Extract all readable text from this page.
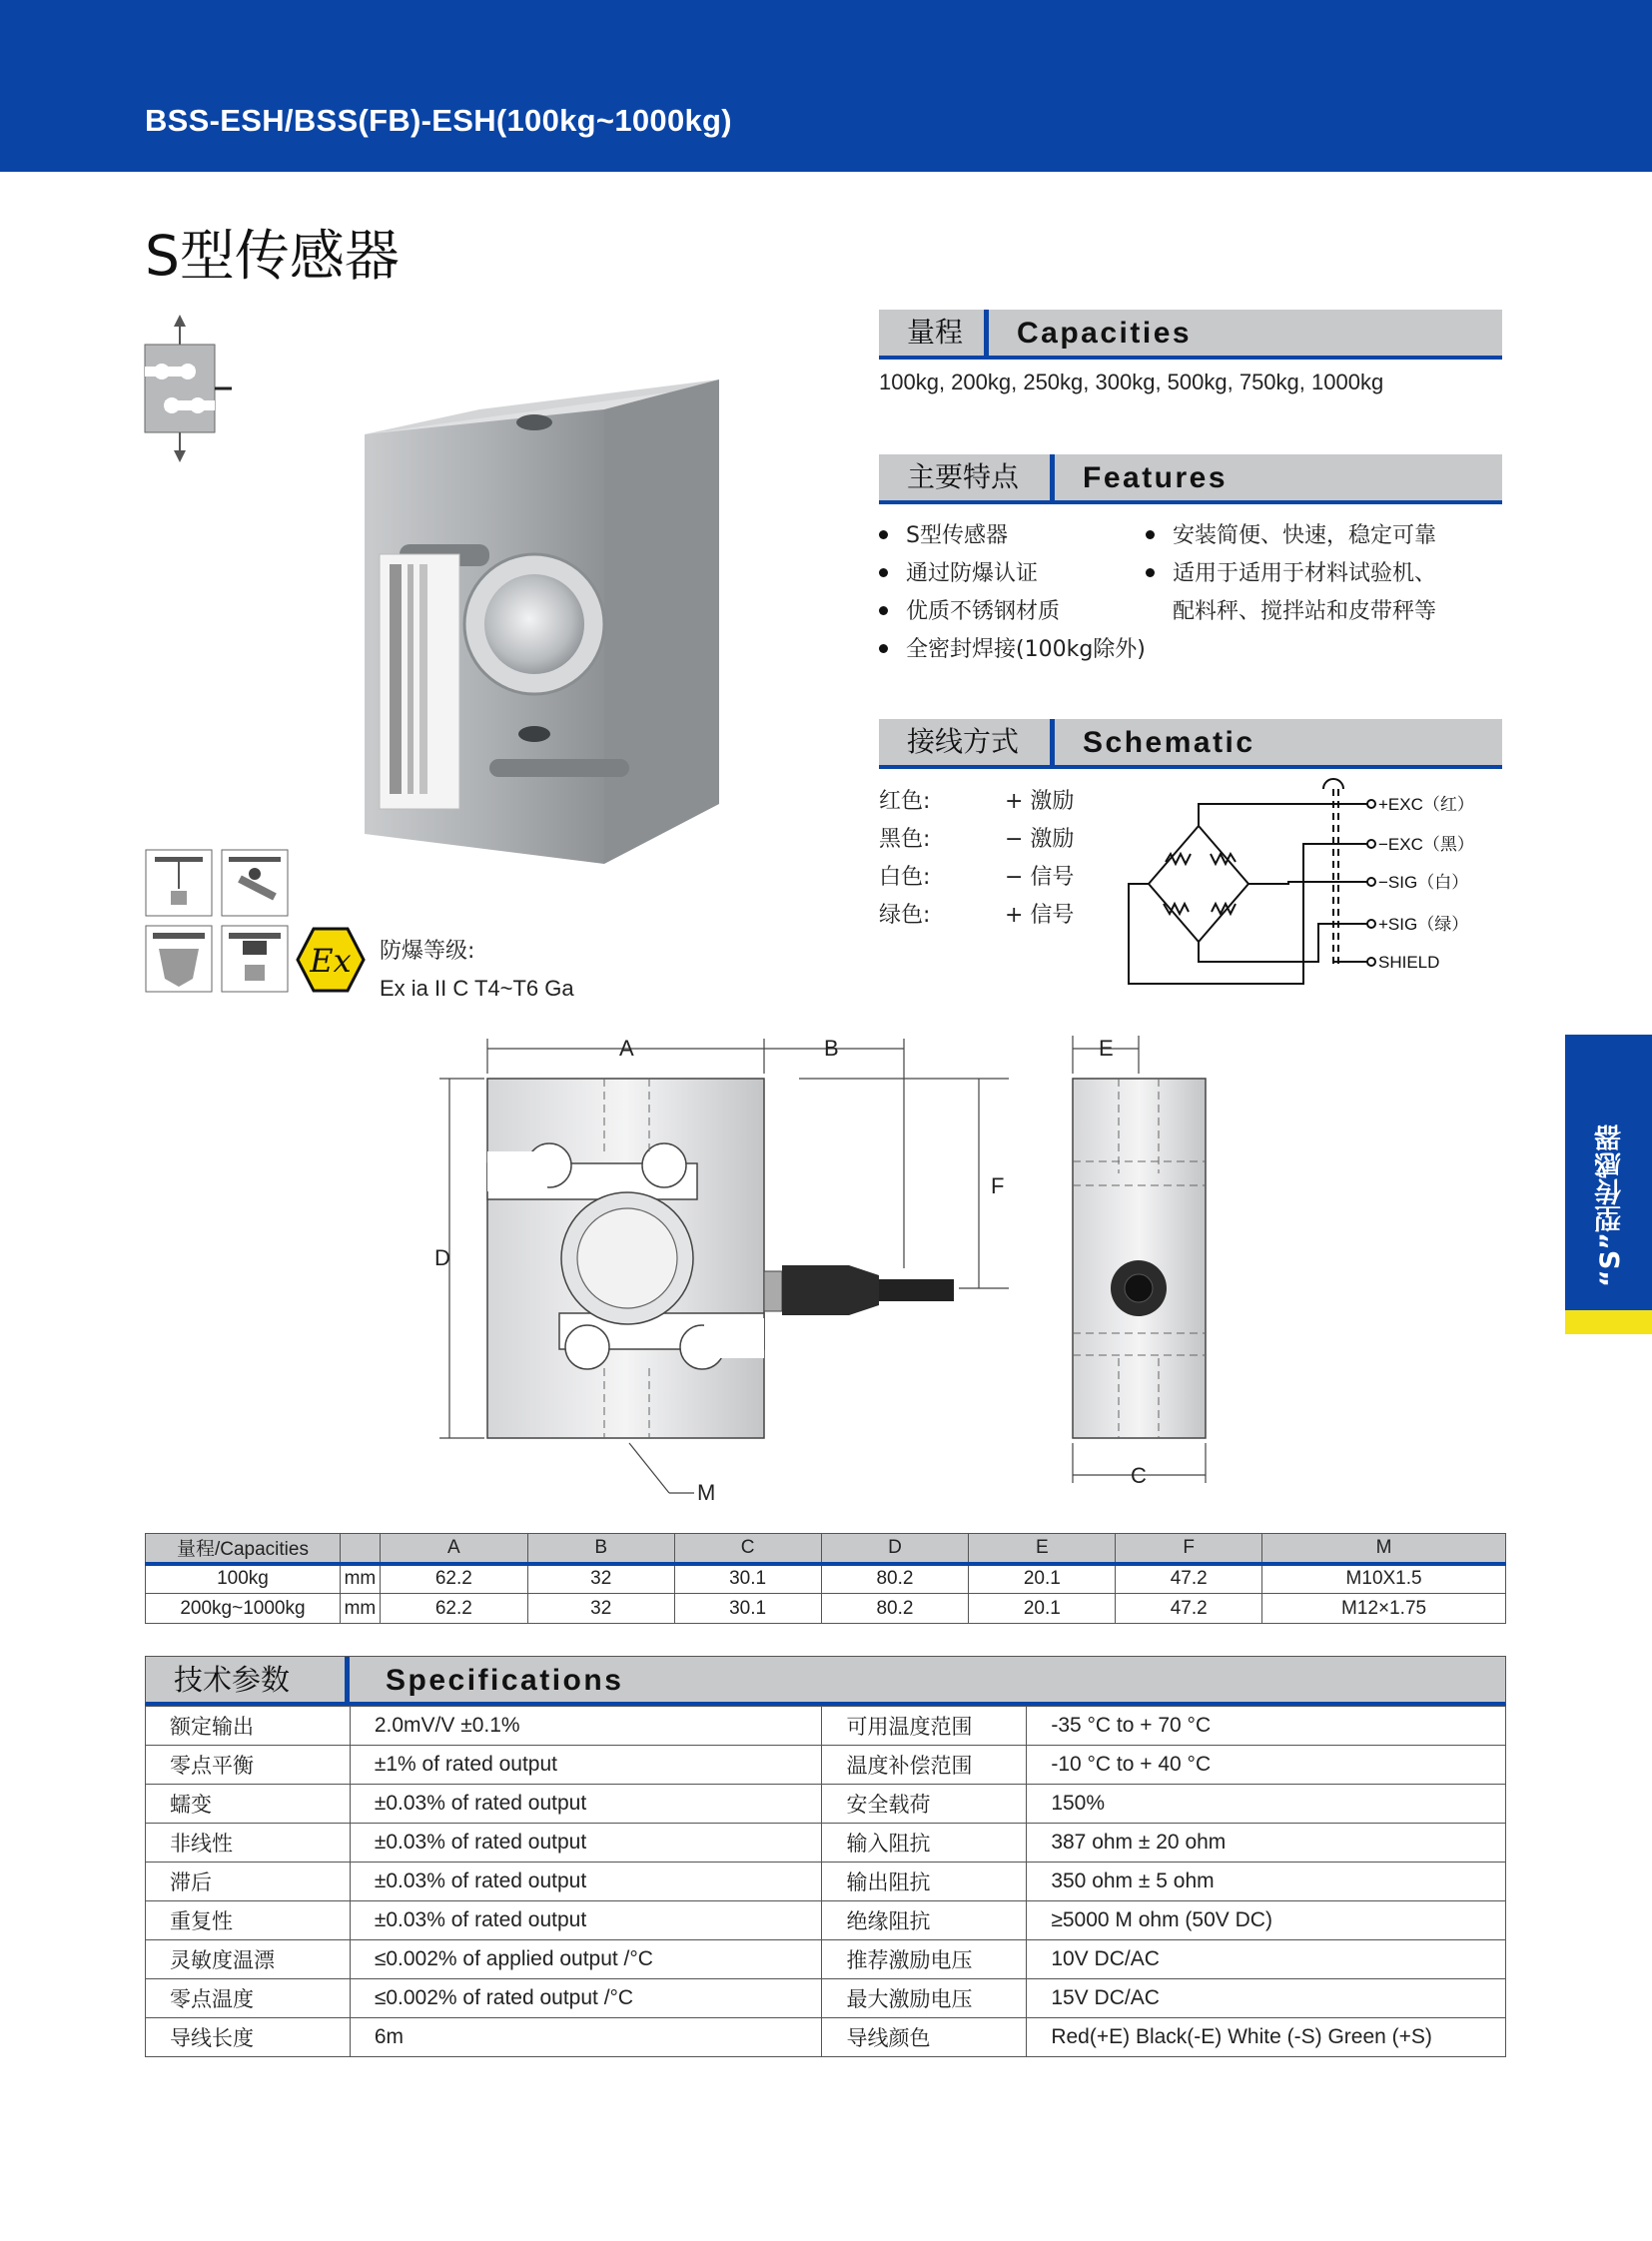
BSS-ESH/BSS(FB)-ESH(100kg~1000kg)
S型传感器
“S”型传感器
Ex 防爆等级:
Ex ia II C T4~T6 Ga
量程	Capacities
100kg, 200kg, 250kg, 300kg, 500kg, 750kg, 1000kg
主要特点	Features
S型传感器
通过防爆认证
优质不锈钢材质
全密封焊接(100kg除外)
安装简便、快速，稳定可靠
适用于适用于材料试验机、
配料秤、搅拌站和皮带秤等
接线方式	Schematic
红色:	+ 激励
黑色:	− 激励
白色:	− 信号
绿色:	+ 信号
+EXC（红）
−EXC（黑）
−SIG（白）
+SIG（绿）
SHIELD
A	B
D
F
M
E
C
量程/Capacities		A	B	C	D	E	F	M
100kg	mm	62.2	32	30.1	80.2	20.1	47.2	M10X1.5
200kg~1000kg	mm	62.2	32	30.1	80.2	20.1	47.2	M12×1.75
技术参数	Specifications
额定输出	2.0mV/V ±0.1%	可用温度范围	-35 °C to + 70 °C
零点平衡	±1% of rated output	温度补偿范围	-10 °C to + 40 °C
蠕变	±0.03% of rated output	安全载荷	150%
非线性	±0.03% of rated output	输入阻抗	387 ohm ± 20 ohm
滞后	±0.03% of rated output	输出阻抗	350 ohm ± 5 ohm
重复性	±0.03% of rated output	绝缘阻抗	≥5000 M ohm (50V DC)
灵敏度温漂	≤0.002% of applied output /°C	推荐激励电压	10V DC/AC
零点温度	≤0.002% of rated output /°C	最大激励电压	15V DC/AC
导线长度	6m	导线颜色	Red(+E) Black(-E) White (-S) Green (+S)
